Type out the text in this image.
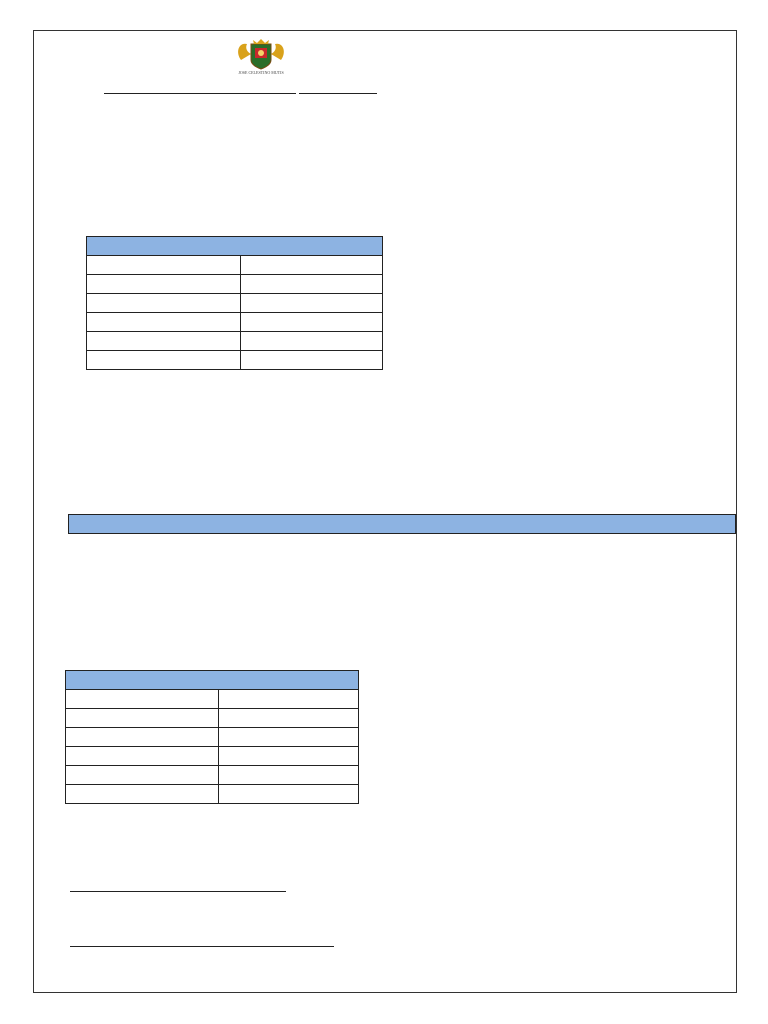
JOSE CELESTINO MUTIS
